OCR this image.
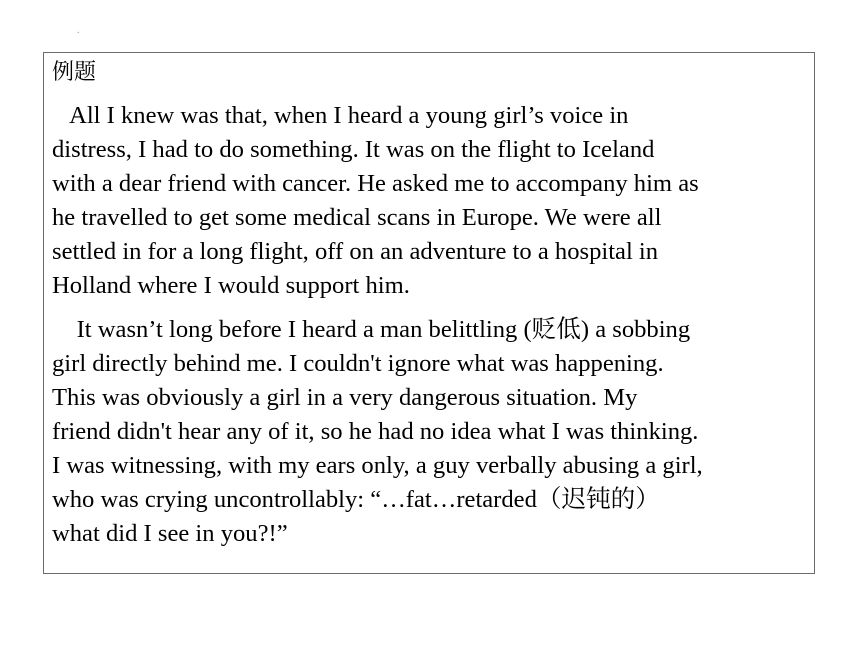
.
例题
All I knew was that, when I heard a young girl’s voice in
distress, I had to do something. It was on the flight to Iceland
with a dear friend with cancer. He asked me to accompany him as
he travelled to get some medical scans in Europe. We were all
settled in for a long flight, off on an adventure to a hospital in
Holland where I would support him.
It wasn’t long before I heard a man belittling (贬低) a sobbing
girl directly behind me. I couldn't ignore what was happening.
This was obviously a girl in a very dangerous situation. My
friend didn't hear any of it, so he had no idea what I was thinking.
I was witnessing, with my ears only, a guy verbally abusing a girl,
who was crying uncontrollably: “…fat…retarded（迟钝的）
what did I see in you?!”
